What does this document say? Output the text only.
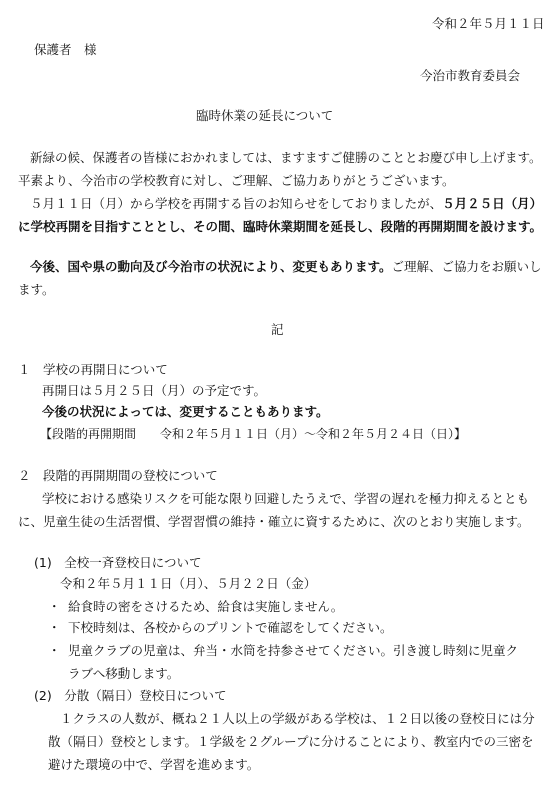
令和２年５月１１日
保護者　様
今治市教育委員会
臨時休業の延長について
新緑の候、保護者の皆様におかれましては、ますますご健勝のこととお慶び申し上げます。平素より、今治市の学校教育に対し、ご理解、ご協力ありがとうございます。
５月１１日（月）から学校を再開する旨のお知らせをしておりましたが、５月２５日（月）に学校再開を目指すこととし、その間、臨時休業期間を延長し、段階的再開期間を設けます。
今後、国や県の動向及び今治市の状況により、変更もあります。ご理解、ご協力をお願いします。
記
１　学校の再開日について
再開日は５月２５日（月）の予定です。
今後の状況によっては、変更することもあります。
【段階的再開期間　　令和２年５月１１日（月）～令和２年５月２４日（日）】
２　段階的再開期間の登校について
学校における感染リスクを可能な限り回避したうえで、学習の遅れを極力抑えるとともに、児童生徒の生活習慣、学習習慣の維持・確立に資するために、次のとおり実施します。
(1)　全校一斉登校日について
令和２年５月１１日（月）、５月２２日（金）
・ 給食時の密をさけるため、給食は実施しません。
・ 下校時刻は、各校からのプリントで確認をしてください。
・ 児童クラブの児童は、弁当・水筒を持参させてください。引き渡し時刻に児童クラブへ移動します。
(2)　分散（隔日）登校日について
１クラスの人数が、概ね２１人以上の学級がある学校は、１２日以後の登校日には分散（隔日）登校とします。１学級を２グループに分けることにより、教室内での三密を避けた環境の中で、学習を進めます。
